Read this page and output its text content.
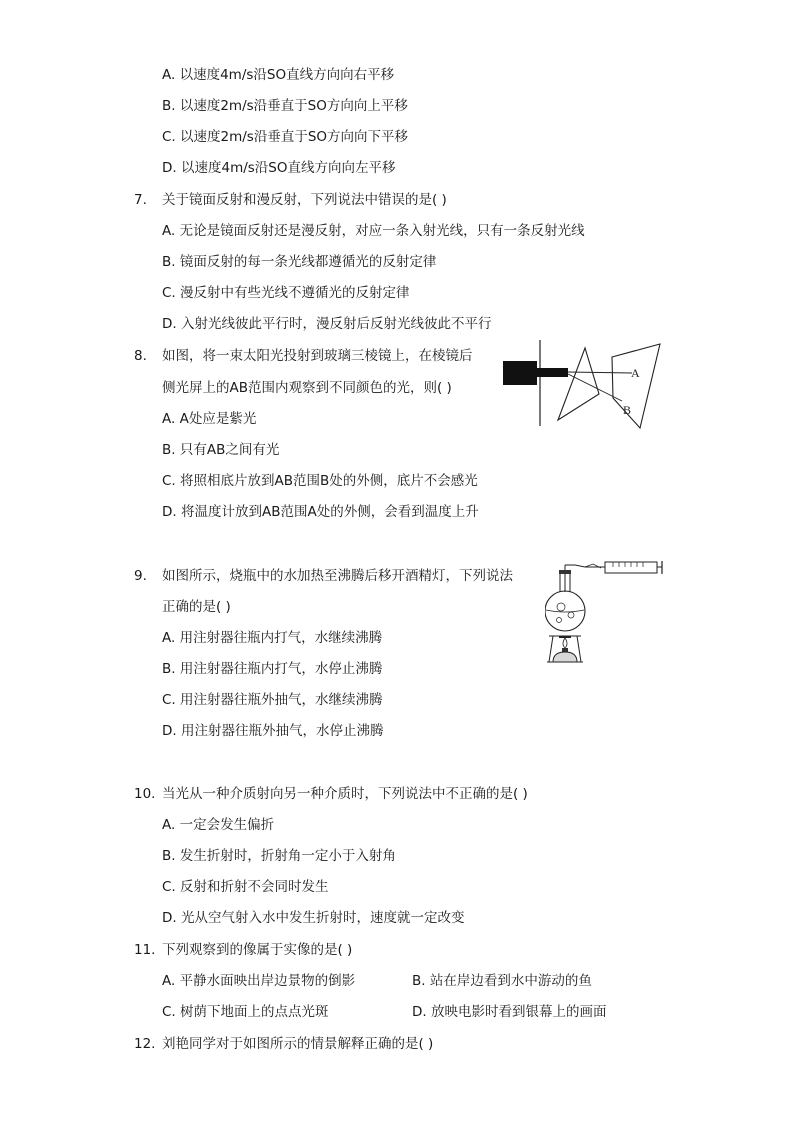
A. 以速度4m/s沿SO直线方向向右平移
B. 以速度2m/s沿垂直于SO方向向上平移
C. 以速度2m/s沿垂直于SO方向向下平移
D. 以速度4m/s沿SO直线方向向左平移
7. 关于镜面反射和漫反射，下列说法中错误的是( )
A. 无论是镜面反射还是漫反射，对应一条入射光线，只有一条反射光线
B. 镜面反射的每一条光线都遵循光的反射定律
C. 漫反射中有些光线不遵循光的反射定律
D. 入射光线彼此平行时，漫反射后反射光线彼此不平行
8. 如图，将一束太阳光投射到玻璃三棱镜上，在棱镜后
侧光屏上的AB范围内观察到不同颜色的光，则( )
A. A处应是紫光
B. 只有AB之间有光
C. 将照相底片放到AB范围B处的外侧，底片不会感光
D. 将温度计放到AB范围A处的外侧，会看到温度上升
A
B
9. 如图所示，烧瓶中的水加热至沸腾后移开酒精灯，下列说法
正确的是( )
A. 用注射器往瓶内打气，水继续沸腾
B. 用注射器往瓶内打气，水停止沸腾
C. 用注射器往瓶外抽气，水继续沸腾
D. 用注射器往瓶外抽气，水停止沸腾
10. 当光从一种介质射向另一种介质时，下列说法中不正确的是( )
A. 一定会发生偏折
B. 发生折射时，折射角一定小于入射角
C. 反射和折射不会同时发生
D. 光从空气射入水中发生折射时，速度就一定改变
11. 下列观察到的像属于实像的是( )
A. 平静水面映出岸边景物的倒影	B. 站在岸边看到水中游动的鱼
C. 树荫下地面上的点点光斑	D. 放映电影时看到银幕上的画面
12. 刘艳同学对于如图所示的情景解释正确的是( )
